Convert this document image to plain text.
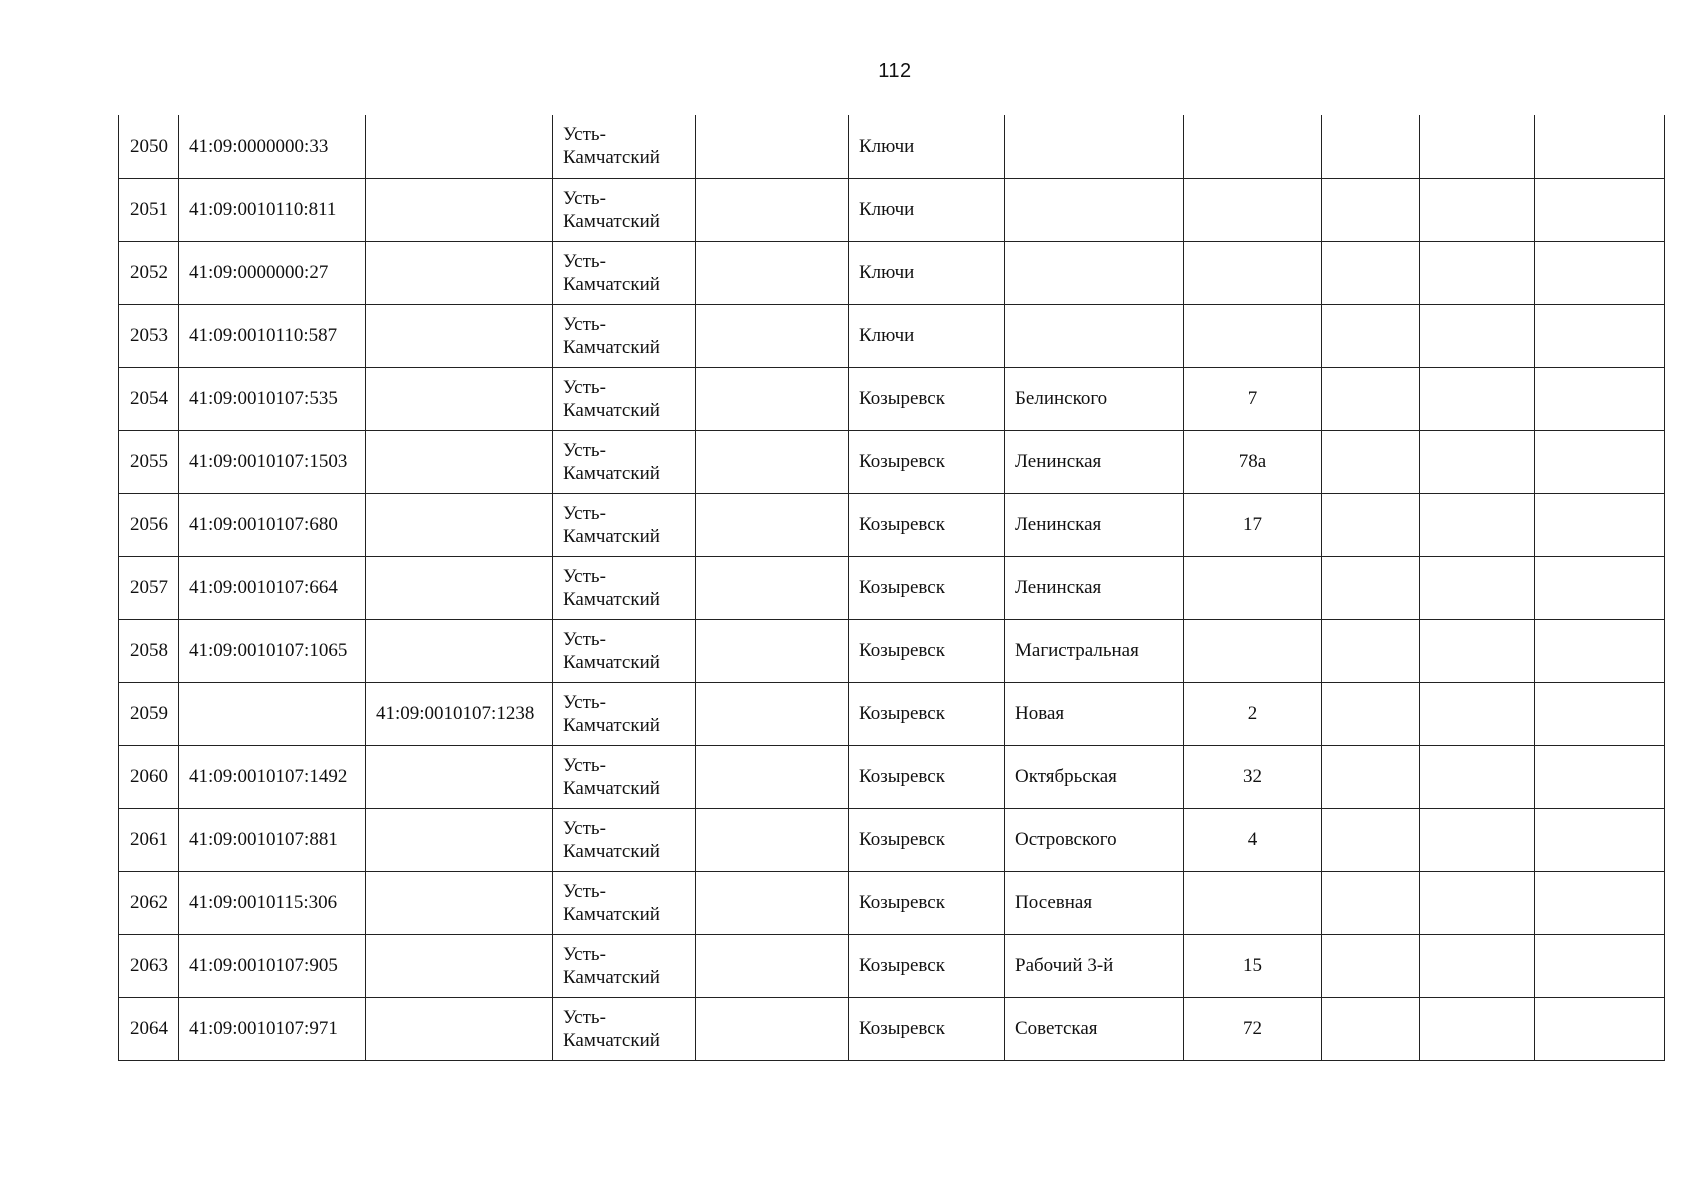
112
2050	41:09:0000000:33		Усть-Камчатский		Ключи					
2051	41:09:0010110:811		Усть-Камчатский		Ключи					
2052	41:09:0000000:27		Усть-Камчатский		Ключи					
2053	41:09:0010110:587		Усть-Камчатский		Ключи					
2054	41:09:0010107:535		Усть-Камчатский		Козыревск	Белинского	7			
2055	41:09:0010107:1503		Усть-Камчатский		Козыревск	Ленинская	78а			
2056	41:09:0010107:680		Усть-Камчатский		Козыревск	Ленинская	17			
2057	41:09:0010107:664		Усть-Камчатский		Козыревск	Ленинская				
2058	41:09:0010107:1065		Усть-Камчатский		Козыревск	Магистральная				
2059		41:09:0010107:1238	Усть-Камчатский		Козыревск	Новая	2			
2060	41:09:0010107:1492		Усть-Камчатский		Козыревск	Октябрьская	32			
2061	41:09:0010107:881		Усть-Камчатский		Козыревск	Островского	4			
2062	41:09:0010115:306		Усть-Камчатский		Козыревск	Посевная				
2063	41:09:0010107:905		Усть-Камчатский		Козыревск	Рабочий 3-й	15			
2064	41:09:0010107:971		Усть-Камчатский		Козыревск	Советская	72			
